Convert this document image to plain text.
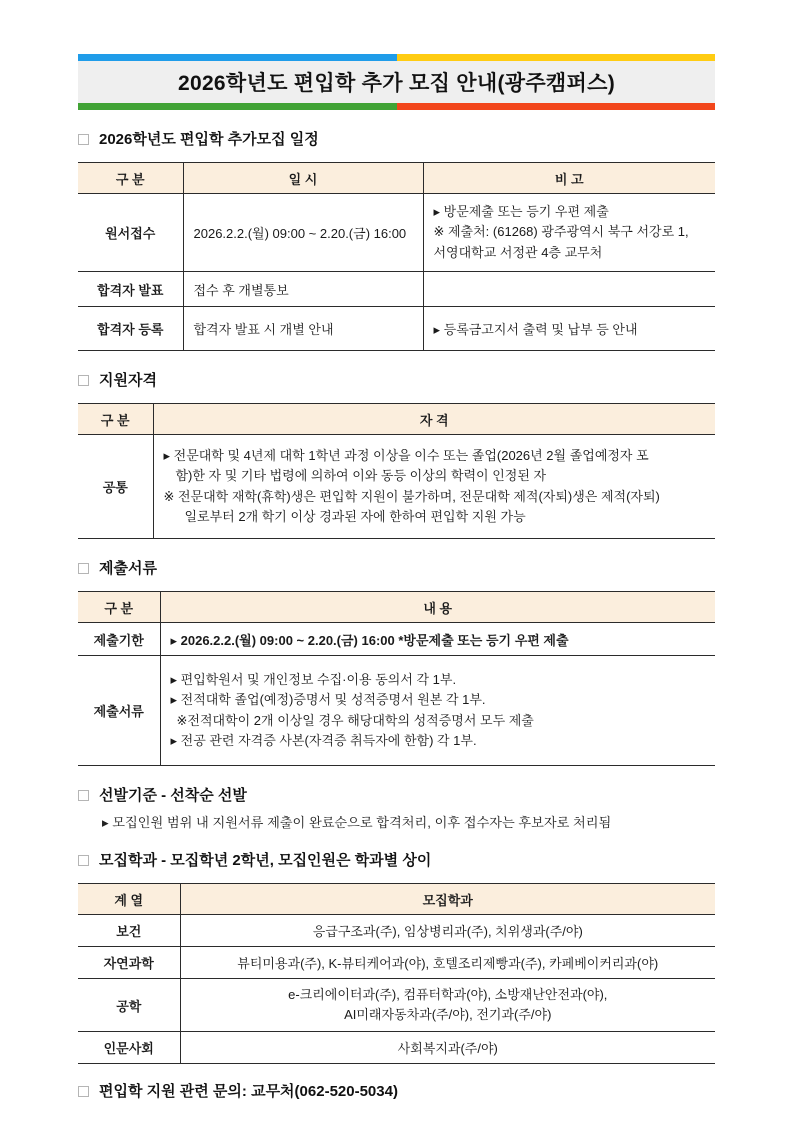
2026학년도 편입학 추가 모집 안내(광주캠퍼스)
2026학년도 편입학 추가모집 일정
구 분	일 시	비 고
원서접수	2026.2.2.(월) 09:00 ~ 2.20.(금) 16:00	▸ 방문제출 또는 등기 우편 제출
※ 제출처: (61268) 광주광역시 북구 서강로 1,
서영대학교 서정관 4층 교무처

합격자 발표	접수 후 개별통보	
합격자 등록	합격자 발표 시 개별 안내	▸ 등록금고지서 출력 및 납부 등 안내
지원자격
구 분	자 격
공통	▸ 전문대학 및 4년제 대학 1학년 과정 이상을 이수 또는 졸업(2026년 2월 졸업예정자 포
함)한 자 및 기타 법령에 의하여 이와 동등 이상의 학력이 인정된 자
※ 전문대학 재학(휴학)생은 편입학 지원이 불가하며, 전문대학 제적(자퇴)생은 제적(자퇴)
일로부터 2개 학기 이상 경과된 자에 한하여 편입학 지원 가능
제출서류
구 분	내 용
제출기한	▸ 2026.2.2.(월) 09:00 ~ 2.20.(금) 16:00 *방문제출 또는 등기 우편 제출
제출서류	▸ 편입학원서 및 개인정보 수집·이용 동의서 각 1부.
▸ 전적대학 졸업(예정)증명서 및 성적증명서 원본 각 1부.
※전적대학이 2개 이상일 경우 해당대학의 성적증명서 모두 제출
▸ 전공 관련 자격증 사본(자격증 취득자에 한함) 각 1부.
선발기준 - 선착순 선발
▸ 모집인원 범위 내 지원서류 제출이 완료순으로 합격처리, 이후 접수자는 후보자로 처리됨
모집학과 - 모집학년 2학년, 모집인원은 학과별 상이
계 열	모집학과
보건	응급구조과(주), 임상병리과(주), 치위생과(주/야)
자연과학	뷰티미용과(주), K-뷰티케어과(야), 호텔조리제빵과(주), 카페베이커리과(야)
공학	e-크리에이터과(주), 컴퓨터학과(야), 소방재난안전과(야),
AI미래자동차과(주/야), 전기과(주/야)

인문사회	사회복지과(주/야)
편입학 지원 관련 문의: 교무처(062-520-5034)
